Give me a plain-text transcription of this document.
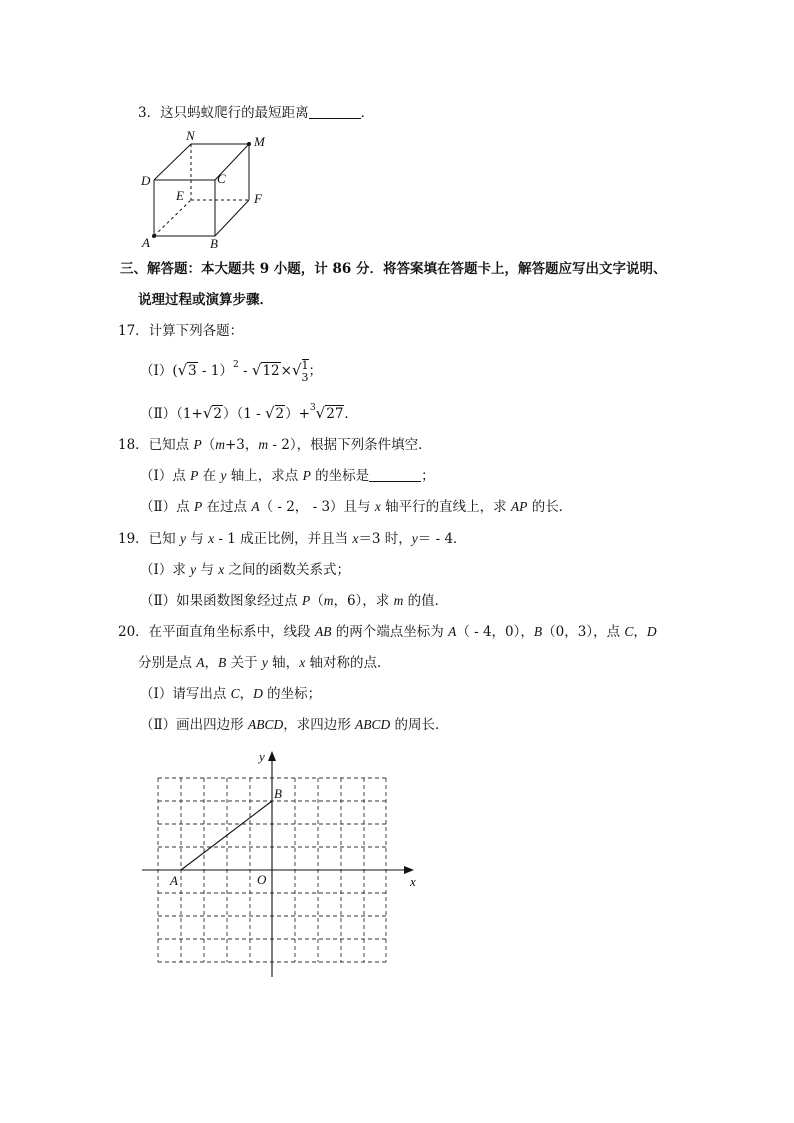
3．这只蚂蚁爬行的最短距离	．
N	M
D	C
E	F
A	B
三、解答题：本大题共 9 小题，计 86 分．将答案填在答题卡上，解答题应写出文字说明、
说理过程或演算步骤．
17．计算下列各题：
（Ⅰ）(√3 - 1）$^2$ - √12×√ 1
3 ；
（Ⅱ）（1+√2）（1 - √2）+$^3$√27．
18．已知点 P（m+3，m - 2），根据下列条件填空．
（Ⅰ）点 P 在 y 轴上，求点 P 的坐标是	；
（Ⅱ）点 P 在过点 A（ - 2， - 3）且与 x 轴平行的直线上，求 AP 的长．
19．已知 y 与 x - 1 成正比例，并且当 x＝3 时，y＝ - 4．
（Ⅰ）求 y 与 x 之间的函数关系式；
（Ⅱ）如果函数图象经过点 P（m，6），求 m 的值．
20．在平面直角坐标系中，线段 AB 的两个端点坐标为 A（ - 4，0），B（0，3），点 C，D
分别是点 A，B 关于 y 轴，x 轴对称的点．
（Ⅰ）请写出点 C，D 的坐标；
（Ⅱ）画出四边形 ABCD，求四边形 ABCD 的周长．
y
x
B
A	O
